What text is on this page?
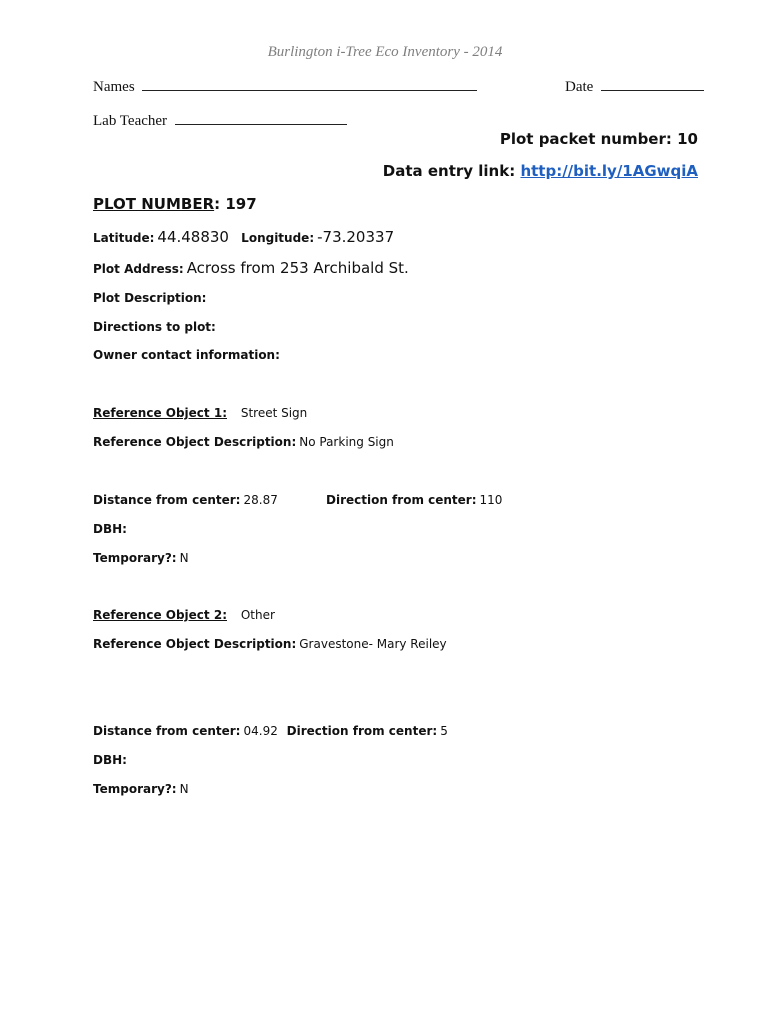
Burlington i-Tree Eco Inventory - 2014
Names	Date
Lab Teacher
Plot packet number: 10
Data entry link: http://bit.ly/1AGwqiA
PLOT NUMBER: 197
Latitude: 44.48830 Longitude: -73.20337
Plot Address: Across from 253 Archibald St.
Plot Description:
Directions to plot:
Owner contact information:
Reference Object 1: Street Sign
Reference Object Description: No Parking Sign
Distance from center: 28.87	Direction from center: 110
DBH:
Temporary?: N
Reference Object 2: Other
Reference Object Description: Gravestone- Mary Reiley
Distance from center: 04.92 Direction from center: 5
DBH:
Temporary?: N
